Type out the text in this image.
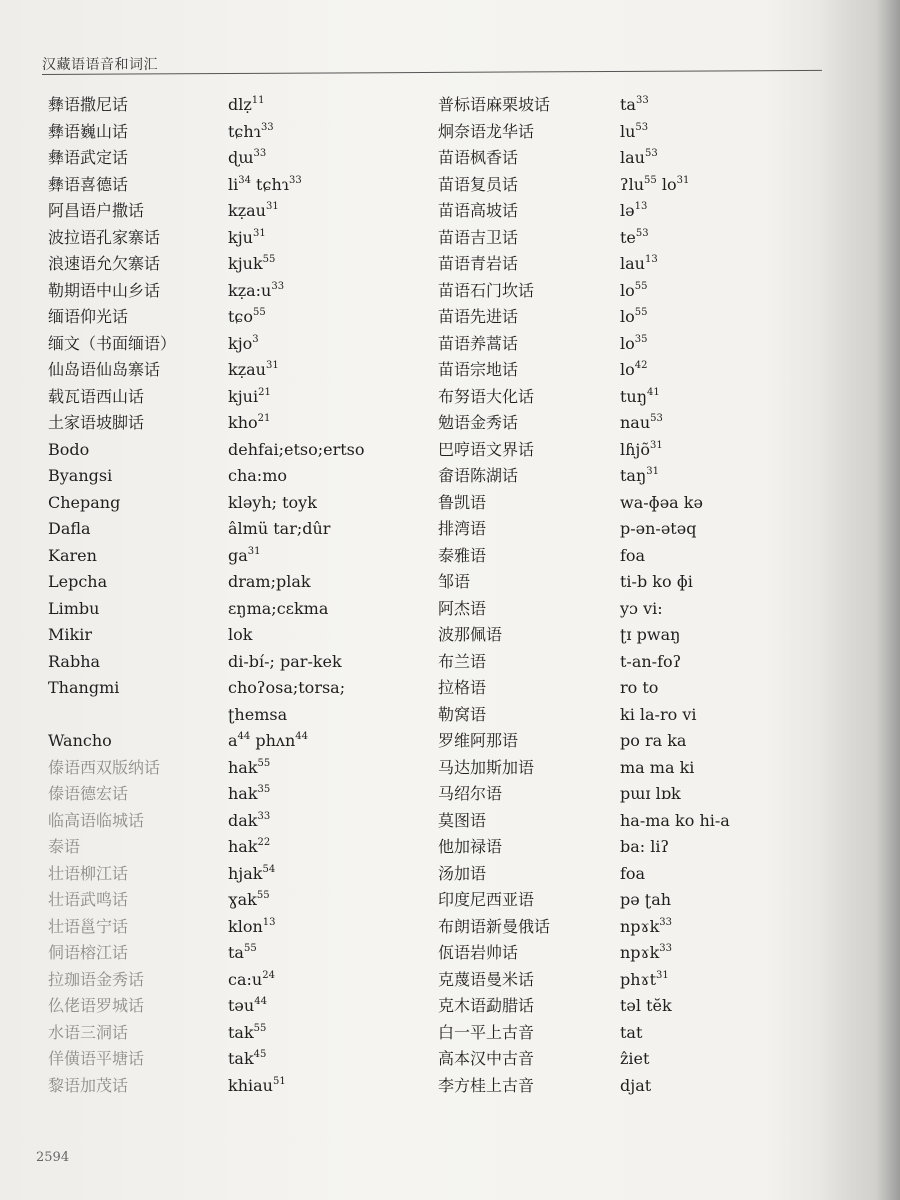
汉藏语语音和词汇
彝语撒尼话	dlẓ$^{11}$
彝语巍山话	tɕhɿ$^{33}$
彝语武定话	ɖɯ$^{33}$
彝语喜德话	$li^{34}$ tɕhɿ$^{33}$
阿昌语户撒话	kẓau$^{31}$
波拉语孔家寨话	kju$^{31}$
浪速语允欠寨话	kjuk$^{55}$
勒期语中山乡话	$kẓa:u^{33}$
缅语仰光话	tɕo$^{55}$
缅文（书面缅语）	kjo$^3$
仙岛语仙岛寨话	kẓau$^{31}$
载瓦语西山话	kjui$^{21}$
土家语坡脚话	kho$^{21}$
Bodo	dehfai;etso;ertso
Byangsi	cha:mo
Chepang	kləyh; toyk
Dafla	âlmü tar;dûr
Karen	$ga^{31}$
Lepcha	dram;plak
Limbu	ɛŋma;cɛkma
Mikir	lok
Rabha	di-bí-; par-kek
Thangmi	choʔosa;torsa;
ʈhemsa
Wancho	$a^{44}$ phʌn$^{44}$
傣语西双版纳话	hak$^{55}$
傣语德宏话	hak$^{35}$
临高语临城话	dak$^{33}$
泰语	hak$^{22}$
壮语柳江话	hjak$^{54}$
壮语武鸣话	ɣak$^{55}$
壮语邕宁话	klon$^{13}$
侗语榕江话	$ta^{55}$
拉珈语金秀话	$ca:u^{24}$
仫佬语罗城话	təu$^{44}$
水语三洞话	tak$^{55}$
佯僙语平塘话	tak$^{45}$
黎语加茂话	khiau$^{51}$
普标语麻栗坡话	$ta^{33}$
炯奈语龙华话	$lu^{53}$
苗语枫香话	lau$^{53}$
苗语复员话	ʔlu$^{55}$ $lo^{31}$
苗语高坡话	lə$^{13}$
苗语吉卫话	$te^{53}$
苗语青岩话	lau$^{13}$
苗语石门坎话	$lo^{55}$
苗语先进话	$lo^{55}$
苗语养蒿话	$lo^{35}$
苗语宗地话	$lo^{42}$
布努语大化话	tuŋ$^{41}$
勉语金秀话	nau$^{53}$
巴哼语文界话	lɦjõ$^{31}$
畲语陈湖话	taŋ$^{31}$
鲁凯语	wa-ɸəa kə
排湾语	p-ən-ətəq
泰雅语	foa
邹语	ti-b ko ɸi
阿杰语	yɔ vi:
波那佩语	ʈɪ pwaŋ
布兰语	t-an-foʔ
拉格语	ro to
勒窝语	ki la-ro vi
罗维阿那语	po ra ka
马达加斯加语	ma ma ki
马绍尔语	pɯɪ lɒk
莫图语	ha-ma ko hi-a
他加禄语	ba: liʔ
汤加语	foa
印度尼西亚语	pə ʈah
布朗语新曼俄话	npɤk$^{33}$
佤语岩帅话	npɤk$^{33}$
克蔑语曼米话	phɤt$^{31}$
克木语勐腊话	təl tĕk
白一平上古音	tat
高本汉中古音	ẑiet
李方桂上古音	djat
2594
